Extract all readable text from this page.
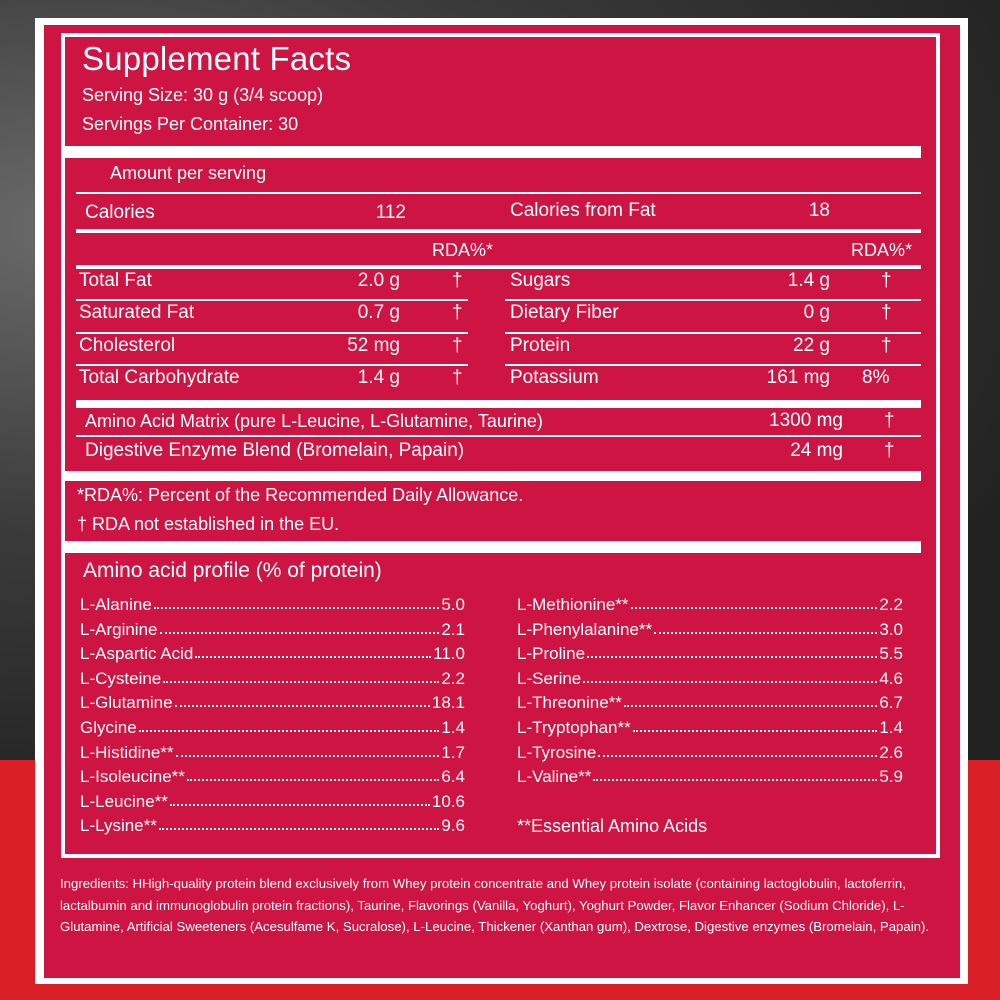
Supplement Facts
Serving Size: 30 g (3/4 scoop)
Servings Per Container: 30
Amount per serving
Calories	112	Calories from Fat	18
RDA%*	RDA%*
Total Fat	2.0 g	†
Saturated Fat	0.7 g	†
Cholesterol	52 mg	†
Total Carbohydrate	1.4 g	†
Sugars	1.4 g	†
Dietary Fiber	0 g	†
Protein	22 g	†
Potassium	161 mg 8%
Amino Acid Matrix (pure L-Leucine, L-Glutamine, Taurine)	1300 mg †
Digestive Enzyme Blend (Bromelain, Papain)	24 mg †
*RDA%: Percent of the Recommended Daily Allowance.
† RDA not established in the EU.
Amino acid profile (% of protein)
**Essential Amino Acids
Ingredients: HHigh-quality protein blend exclusively from Whey protein concentrate and Whey protein isolate (containing lactoglobulin, lactoferrin, lactalbumin and immunoglobulin protein fractions), Taurine, Flavorings (Vanilla, Yoghurt), Yoghurt Powder, Flavor Enhancer (Sodium Chloride), L-Glutamine, Artificial Sweeteners (Acesulfame K, Sucralose), L-Leucine, Thickener (Xanthan gum), Dextrose, Digestive enzymes (Bromelain, Papain).
L-Alanine	5.0
L-Arginine	2.1
L-Aspartic Acid	11.0
L-Cysteine	2.2
L-Glutamine	18.1
Glycine	1.4
L-Histidine**	1.7
L-Isoleucine**	6.4
L-Leucine**	10.6
L-Lysine**	9.6
L-Methionine**	2.2
L-Phenylalanine**	3.0
L-Proline	5.5
L-Serine	4.6
L-Threonine**	6.7
L-Tryptophan**	1.4
L-Tyrosine	2.6
L-Valine**	5.9
